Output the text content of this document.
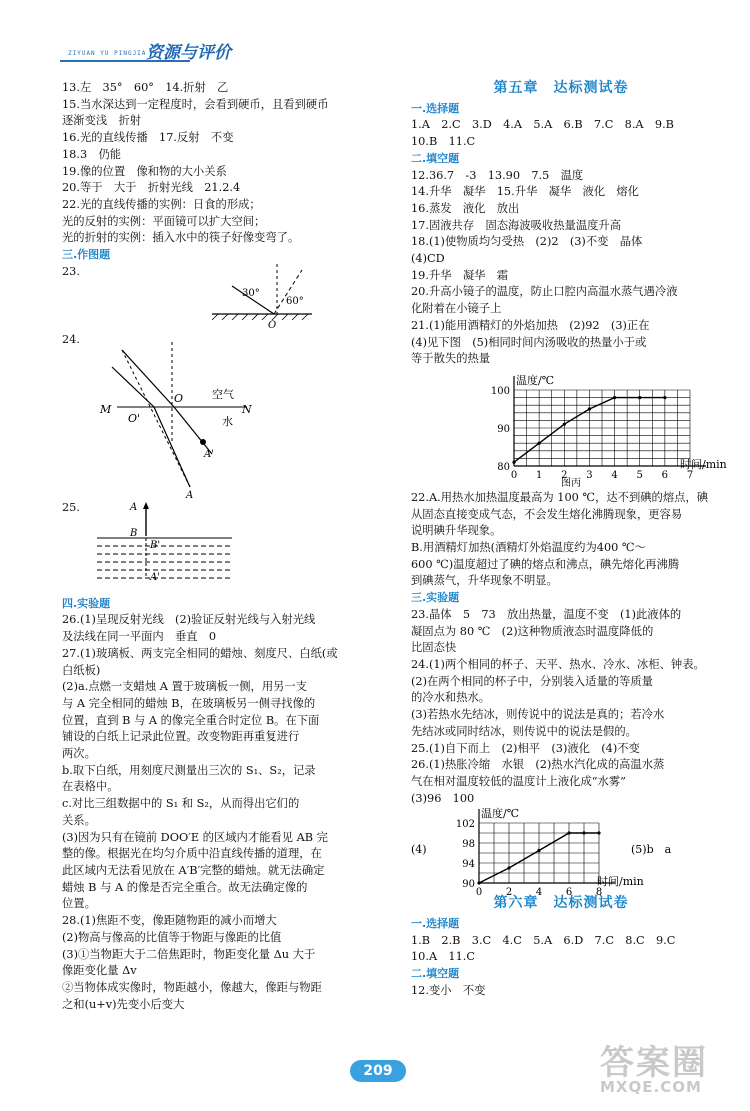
ZIYUAN YU PINGJIA 资源与评价
13.左　35°　60°　14.折射　乙
15.当水深达到一定程度时，会看到硬币，且看到硬币
逐渐变浅　折射
16.光的直线传播　17.反射　不变
18.3　仍能
19.像的位置　像和物的大小关系
20.等于　大于　折射光线　21.2.4
22.光的直线传播的实例：日食的形成；
光的反射的实例：平面镜可以扩大空间；
光的折射的实例：插入水中的筷子好像变弯了。
三.作图题
23.
30°
60°
O
24.
M	N
O
O'
空气
水
A'
A
25.	A
B
B'
A'
四.实验题
26.(1)呈现反射光线　(2)验证反射光线与入射光线
及法线在同一平面内　垂直　0
27.(1)玻璃板、两支完全相同的蜡烛、刻度尺、白纸(或
白纸板)
(2)a.点燃一支蜡烛 A 置于玻璃板一侧，用另一支
与 A 完全相同的蜡烛 B，在玻璃板另一侧寻找像的
位置，直到 B 与 A 的像完全重合时定位 B。在下面
铺设的白纸上记录此位置。改变物距再重复进行
两次。
b.取下白纸，用刻度尺测量出三次的 S₁、S₂，记录
在表格中。
c.对比三组数据中的 S₁ 和 S₂，从而得出它们的
关系。
(3)因为只有在镜前 DOO′E 的区域内才能看见 AB 完
整的像。根据光在均匀介质中沿直线传播的道理，在
此区域内无法看见放在 A′B′完整的蜡烛。就无法确定
蜡烛 B 与 A 的像是否完全重合。故无法确定像的
位置。
28.(1)焦距不变，像距随物距的减小而增大
(2)物高与像高的比值等于物距与像距的比值
(3)①当物距大于二倍焦距时，物距变化量 Δu 大于
像距变化量 Δv
②当物体成实像时，物距越小，像越大，像距与物距
之和(u+v)先变小后变大
第五章　达标测试卷
一.选择题
1.A　2.C　3.D　4.A　5.A　6.B　7.C　8.A　9.B
10.B　11.C
二.填空题
12.36.7　-3　13.90　7.5　温度
14.升华　凝华　15.升华　凝华　液化　熔化
16.蒸发　液化　放出
17.固液共存　固态海波吸收热量温度升高
18.(1)使物质均匀受热　(2)2　(3)不变　晶体
(4)CD
19.升华　凝华　霜
20.升高小镜子的温度，防止口腔内高温水蒸气遇冷液
化附着在小镜子上
21.(1)能用酒精灯的外焰加热　(2)92　(3)正在
(4)见下图　(5)相同时间内汤吸收的热量小于或
等于散失的热量
100
90
80
0 1 2 3 4 5 6 7
温度/℃
时间/min
图丙
22.A.用热水加热温度最高为 100 ℃，达不到碘的熔点，碘
从固态直接变成气态，不会发生熔化沸腾现象，更容易
说明碘升华现象。
B.用酒精灯加热(酒精灯外焰温度约为400 ℃～
600 ℃)温度超过了碘的熔点和沸点，碘先熔化再沸腾
到碘蒸气，升华现象不明显。
三.实验题
23.晶体　5　73　放出热量，温度不变　(1)此液体的
凝固点为 80 ℃　(2)这种物质液态时温度降低的
比固态快
24.(1)两个相同的杯子、天平、热水、冷水、冰柜、钟表。
(2)在两个相同的杯子中，分别装入适量的等质量
的冷水和热水。
(3)若热水先结冰，则传说中的说法是真的；若冷水
先结冰或同时结冰，则传说中的说法是假的。
25.(1)自下而上　(2)相平　(3)液化　(4)不变
26.(1)热胀冷缩　水银　(2)热水汽化成的高温水蒸
气在相对温度较低的温度计上液化成“水雾”
(3)96　100
102
98
94
90
0 2 4 6 8
温度/℃
时间/min
(4)	(5)b　a
第六章　达标测试卷
一.选择题
1.B　2.B　3.C　4.C　5.A　6.D　7.C　8.C　9.C
10.A　11.C
二.填空题
12.变小　不变
209	答案圈
MXQE.COM
